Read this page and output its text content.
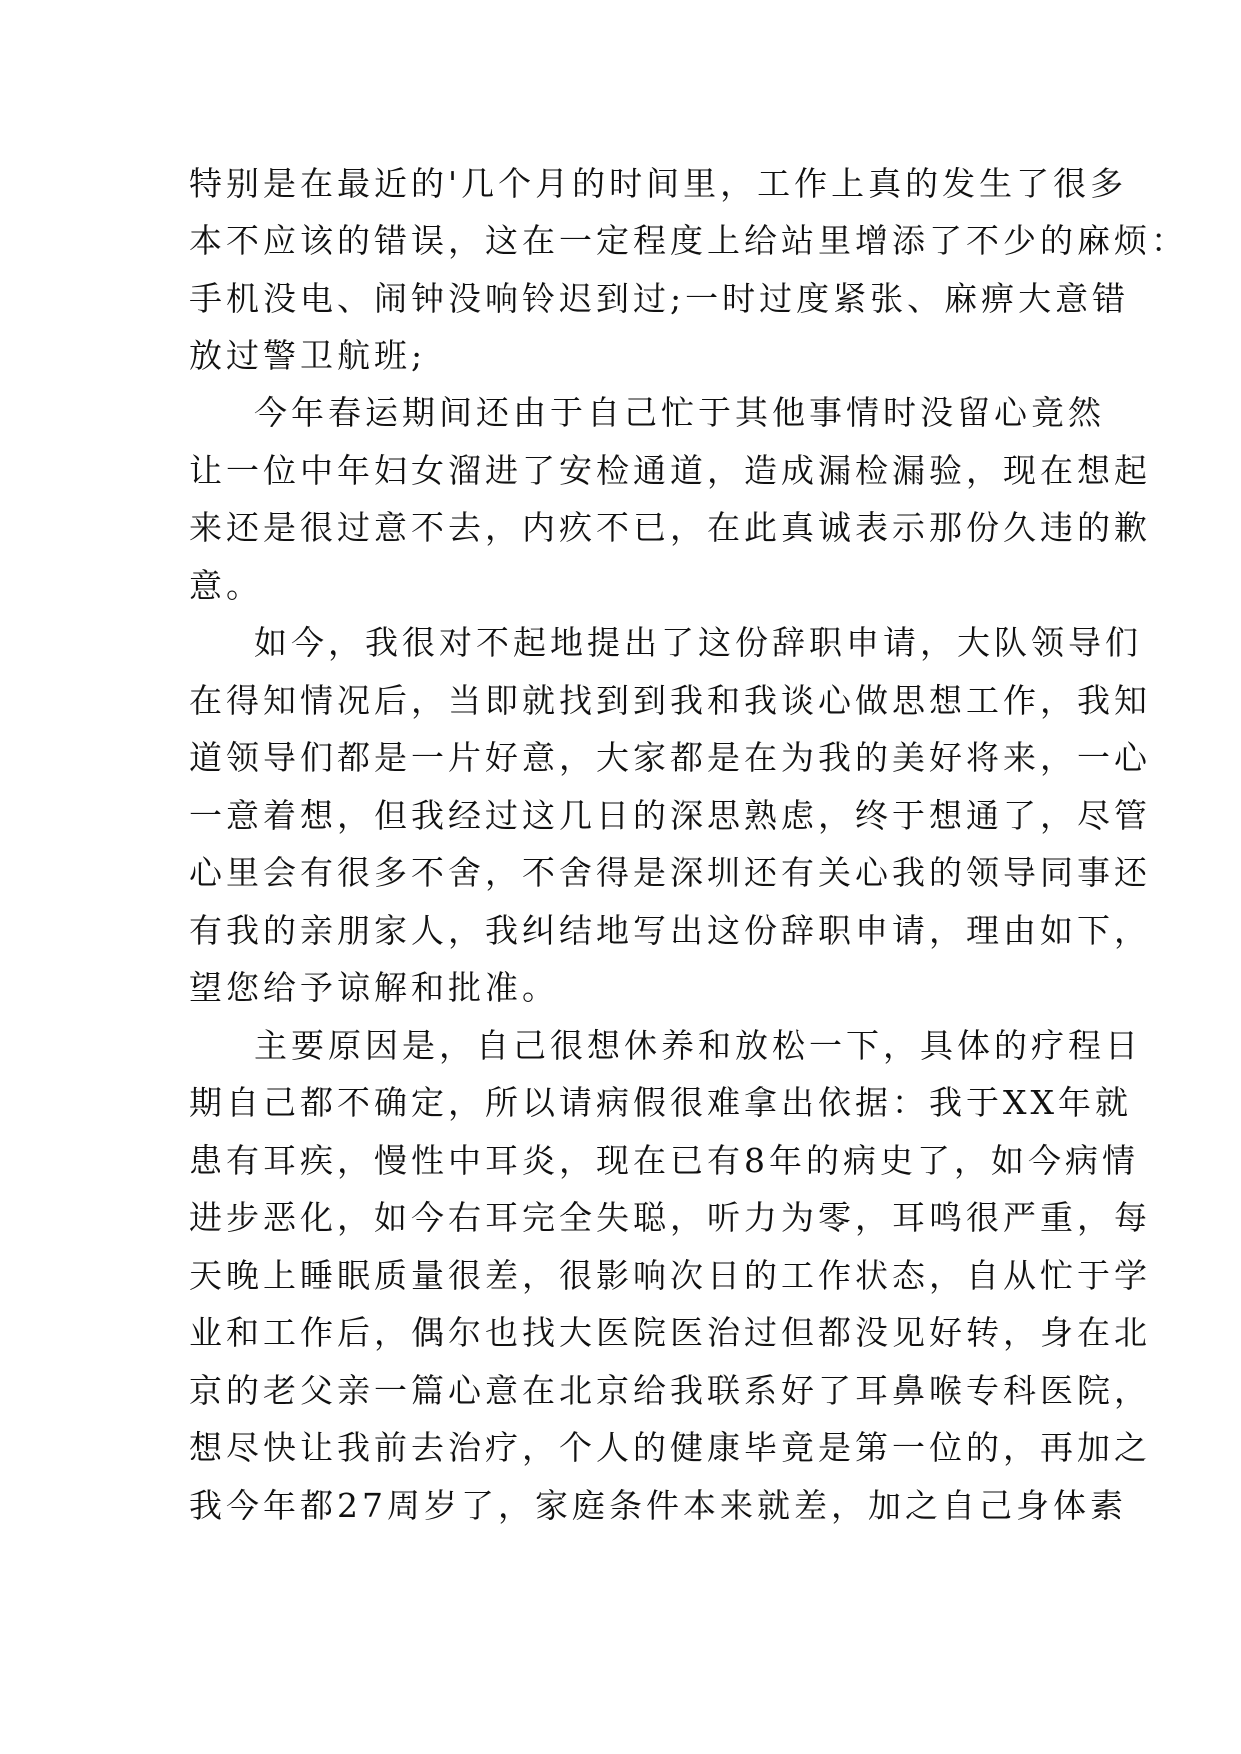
特别是在最近的'几个月的时间里，工作上真的发生了很多
本不应该的错误，这在一定程度上给站里增添了不少的麻烦：
手机没电、闹钟没响铃迟到过;一时过度紧张、麻痹大意错
放过警卫航班;
今年春运期间还由于自己忙于其他事情时没留心竟然
让一位中年妇女溜进了安检通道，造成漏检漏验，现在想起
来还是很过意不去，内疚不已，在此真诚表示那份久违的歉
意。
如今，我很对不起地提出了这份辞职申请，大队领导们
在得知情况后，当即就找到到我和我谈心做思想工作，我知
道领导们都是一片好意，大家都是在为我的美好将来，一心
一意着想，但我经过这几日的深思熟虑，终于想通了，尽管
心里会有很多不舍，不舍得是深圳还有关心我的领导同事还
有我的亲朋家人，我纠结地写出这份辞职申请，理由如下，
望您给予谅解和批准。
主要原因是，自己很想休养和放松一下，具体的疗程日
期自己都不确定，所以请病假很难拿出依据：我于XX年就
患有耳疾，慢性中耳炎，现在已有8年的病史了，如今病情
进步恶化，如今右耳完全失聪，听力为零，耳鸣很严重，每
天晚上睡眠质量很差，很影响次日的工作状态，自从忙于学
业和工作后，偶尔也找大医院医治过但都没见好转，身在北
京的老父亲一篇心意在北京给我联系好了耳鼻喉专科医院，
想尽快让我前去治疗，个人的健康毕竟是第一位的，再加之
我今年都27周岁了，家庭条件本来就差，加之自己身体素
